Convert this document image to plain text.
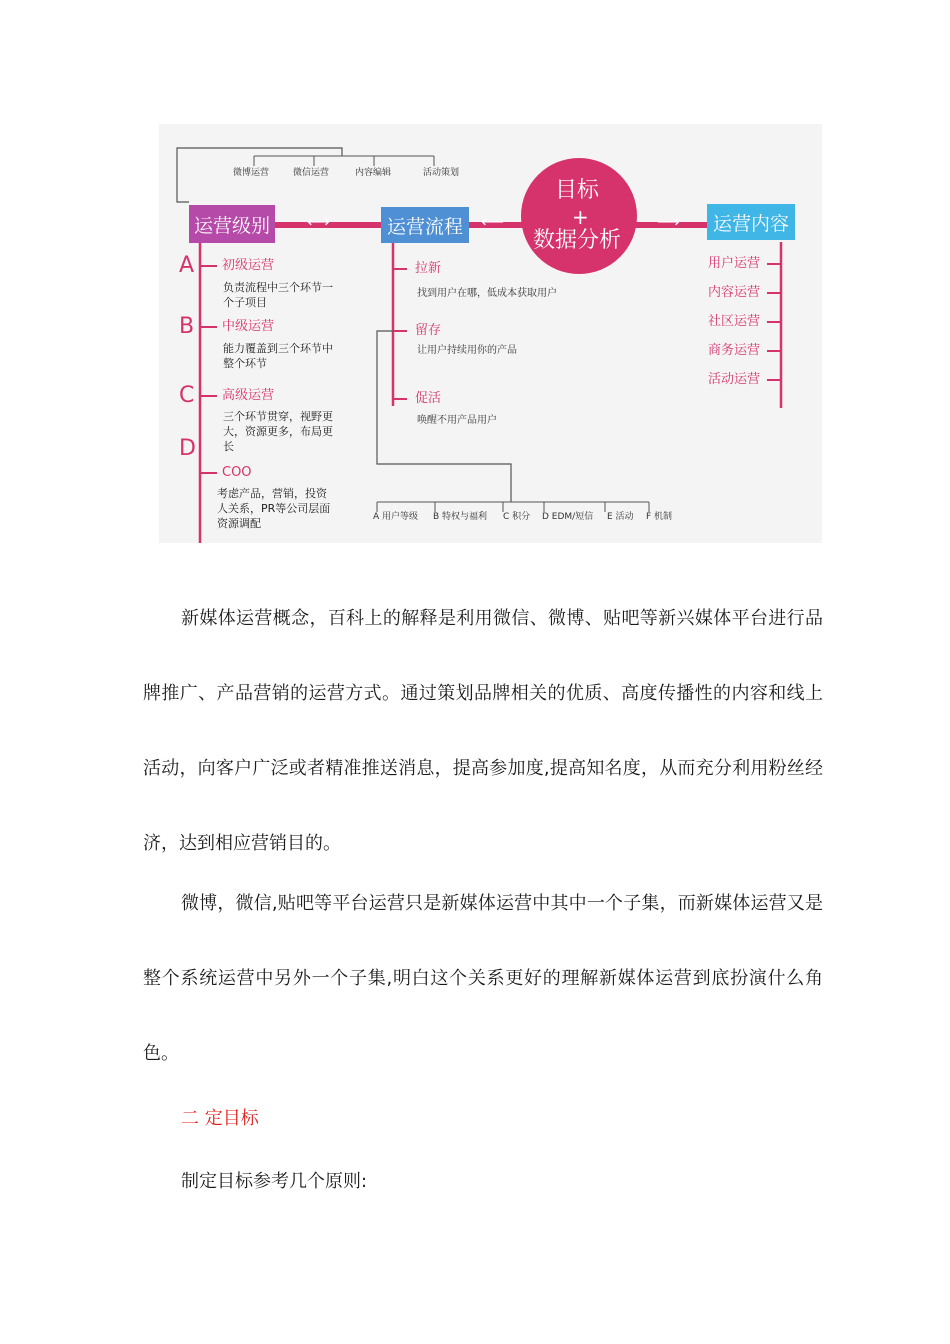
微博运营	微信运营	内容编辑	活动策划
运营级别	运营流程	运营内容
⟷	⟵	⟶
目标
+
数据分析
A 初级运营
负责流程中三个环节一个子项目
B 中级运营
能力覆盖到三个环节中整个环节
C 高级运营
三个环节贯穿，视野更大，资源更多，布局更长
D
COO
考虑产品，营销，投资人关系，PR等公司层面资源调配
拉新
找到用户在哪，低成本获取用户
留存
让用户持续用你的产品
促活
唤醒不用产品用户
A 用户等级 B 特权与福利 C 积分 D EDM/短信 E 活动 F 机制
用户运营
内容运营
社区运营
商务运营
活动运营

新媒体运营概念，百科上的解释是利用微信、微博、贴吧等新兴媒体平台进行品牌推广、产品营销的运营方式。通过策划品牌相关的优质、高度传播性的内容和线上活动，向客户广泛或者精准推送消息，提高参加度,提高知名度，从而充分利用粉丝经济，达到相应营销目的。

微博，微信,贴吧等平台运营只是新媒体运营中其中一个子集，而新媒体运营又是整个系统运营中另外一个子集,明白这个关系更好的理解新媒体运营到底扮演什么角色。

二 定目标

制定目标参考几个原则:
